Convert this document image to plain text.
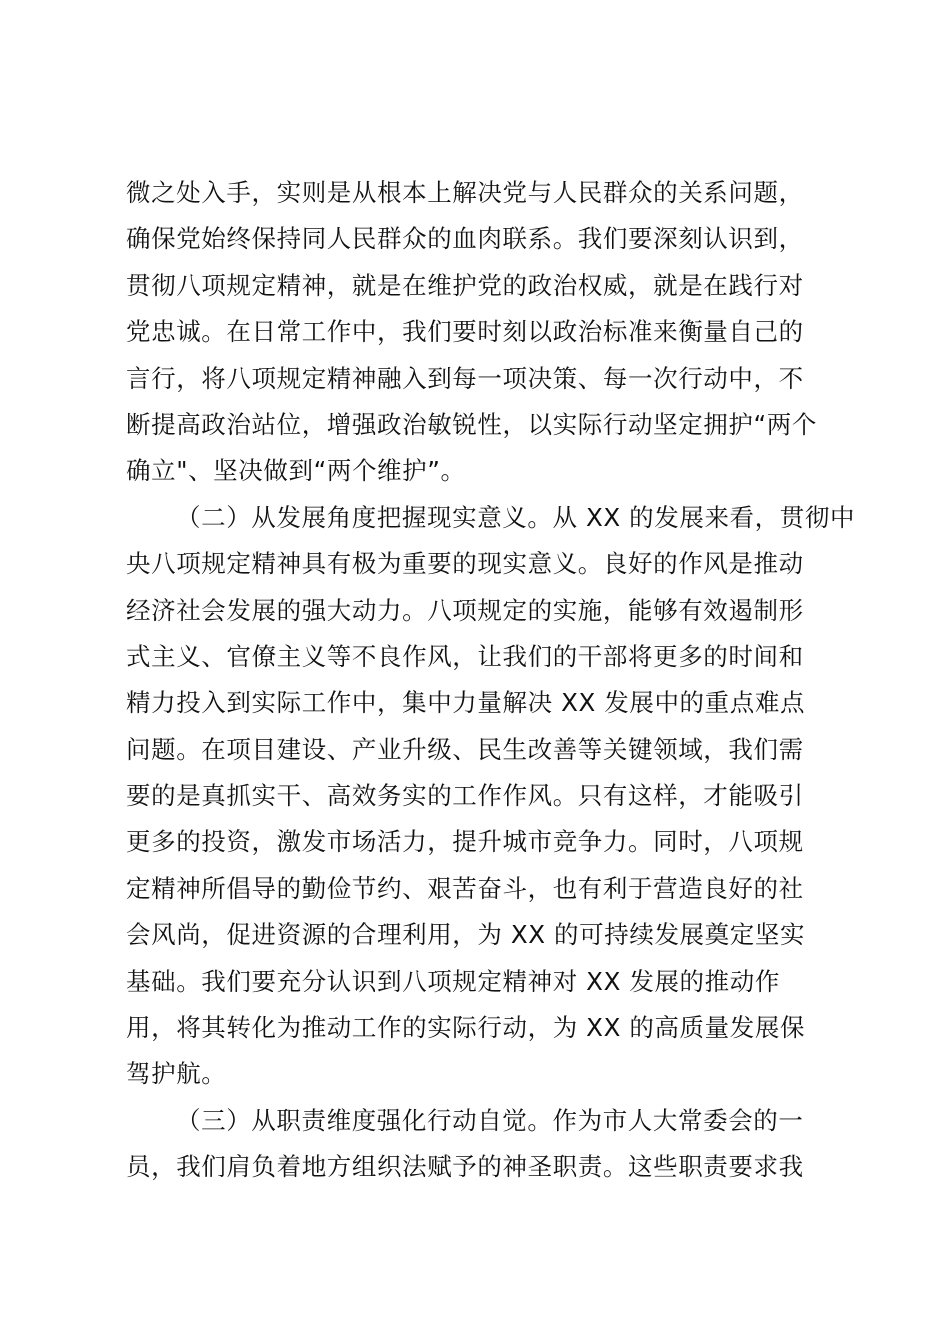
微之处入手，实则是从根本上解决党与人民群众的关系问题，
确保党始终保持同人民群众的血肉联系。我们要深刻认识到，
贯彻八项规定精神，就是在维护党的政治权威，就是在践行对
党忠诚。在日常工作中，我们要时刻以政治标准来衡量自己的
言行，将八项规定精神融入到每一项决策、每一次行动中，不
断提高政治站位，增强政治敏锐性，以实际行动坚定拥护“两个
确立"、坚决做到“两个维护”。
（二）从发展角度把握现实意义。从 XX 的发展来看，贯彻中
央八项规定精神具有极为重要的现实意义。良好的作风是推动
经济社会发展的强大动力。八项规定的实施，能够有效遏制形
式主义、官僚主义等不良作风，让我们的干部将更多的时间和
精力投入到实际工作中，集中力量解决 XX 发展中的重点难点
问题。在项目建设、产业升级、民生改善等关键领域，我们需
要的是真抓实干、高效务实的工作作风。只有这样，才能吸引
更多的投资，激发市场活力，提升城市竞争力。同时，八项规
定精神所倡导的勤俭节约、艰苦奋斗，也有利于营造良好的社
会风尚，促进资源的合理利用，为 XX 的可持续发展奠定坚实
基础。我们要充分认识到八项规定精神对 XX 发展的推动作
用，将其转化为推动工作的实际行动，为 XX 的高质量发展保
驾护航。
（三）从职责维度强化行动自觉。作为市人大常委会的一
员，我们肩负着地方组织法赋予的神圣职责。这些职责要求我
